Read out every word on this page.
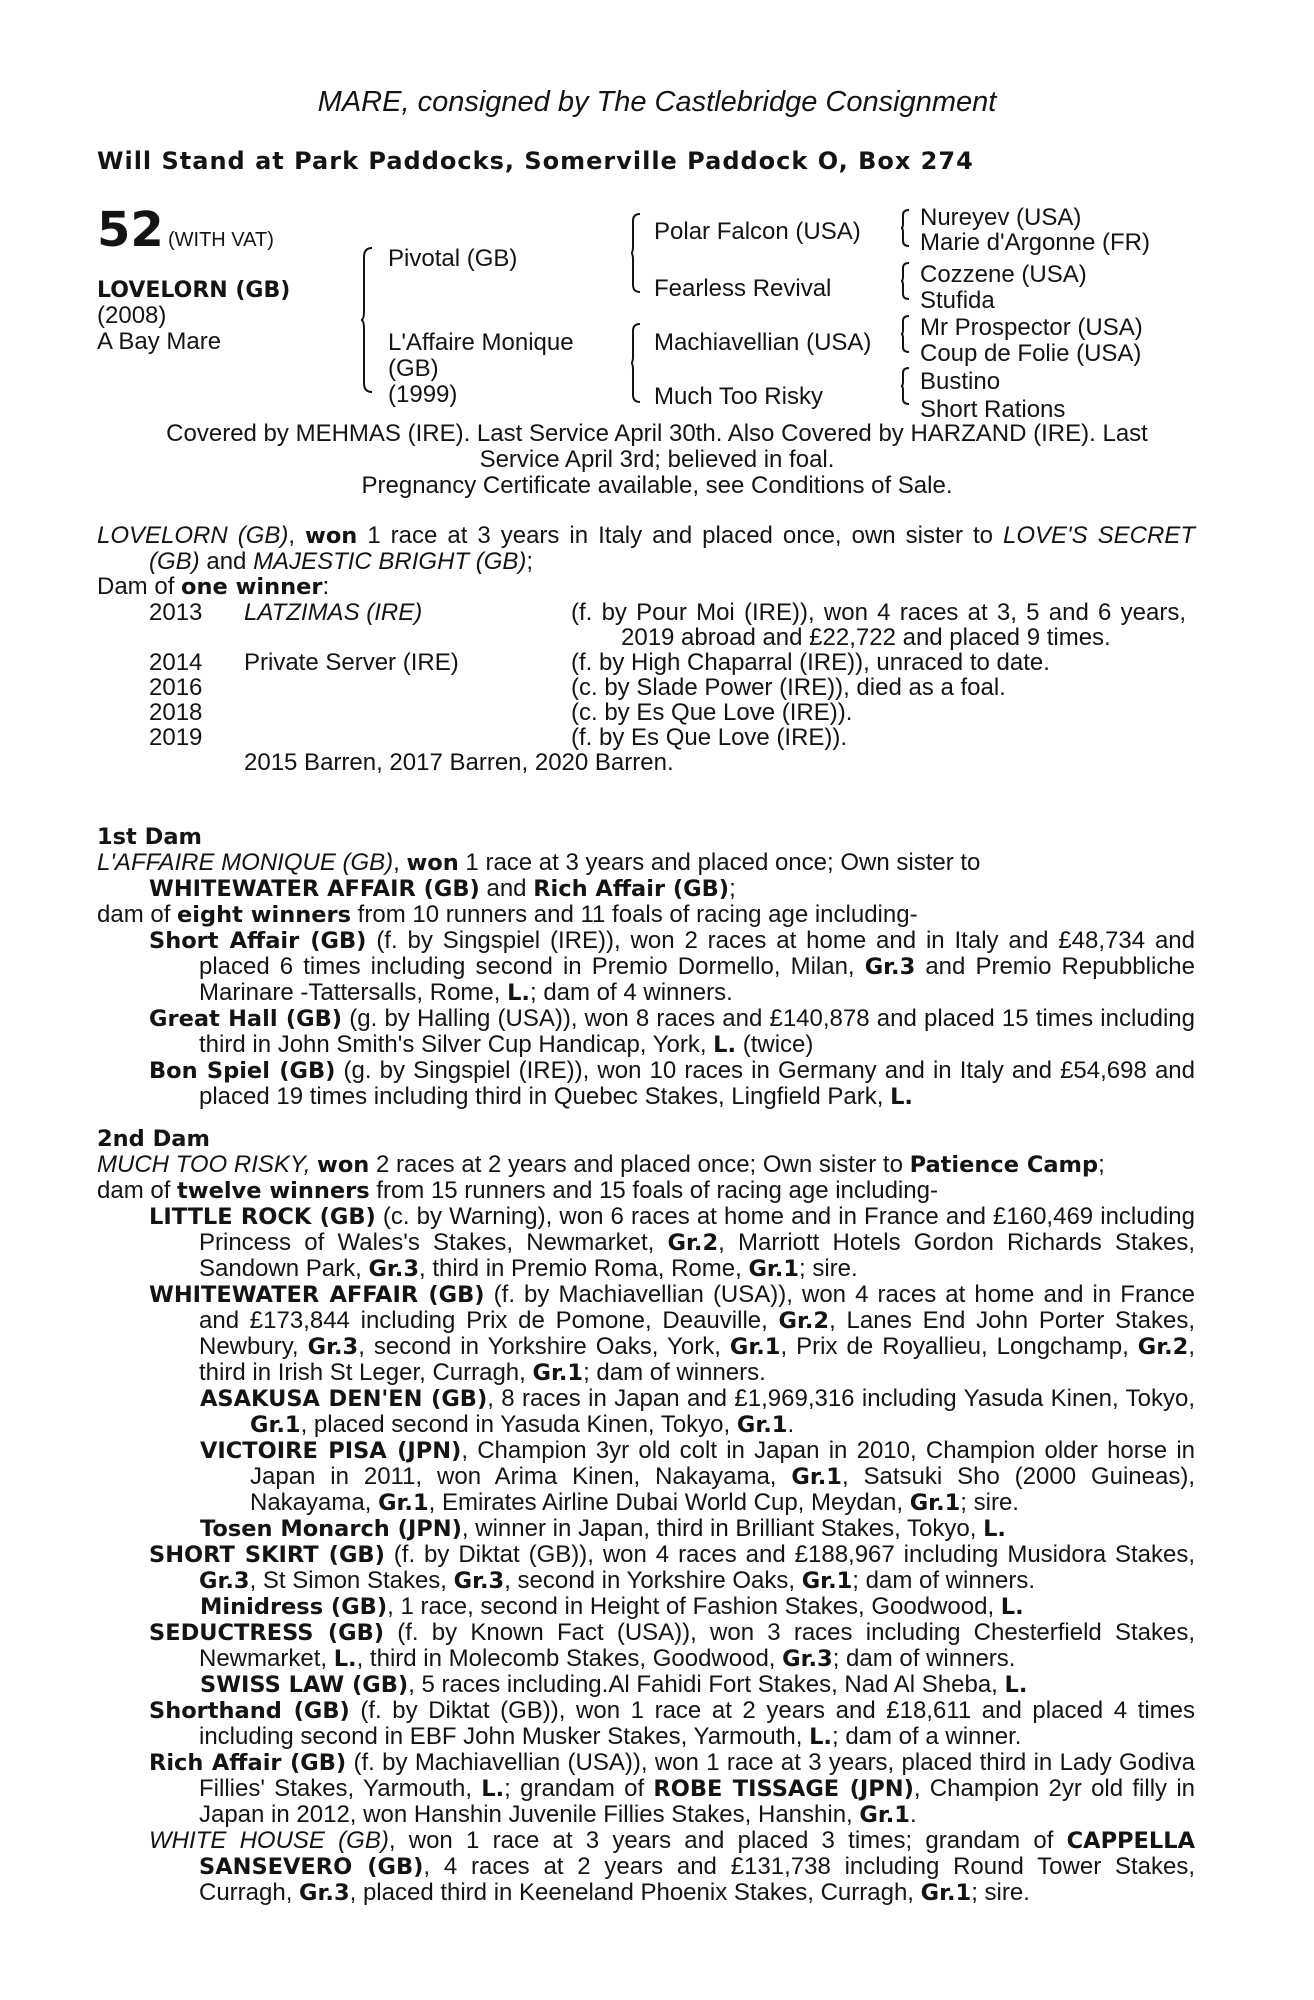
MARE, consigned by The Castlebridge Consignment
Will Stand at Park Paddocks, Somerville Paddock O, Box 274
52 (WITH VAT)
LOVELORN (GB)
(2008)
A Bay Mare
Pivotal (GB)
L'Affaire Monique
(GB)
(1999)
Polar Falcon (USA)
Fearless Revival
Machiavellian (USA)
Much Too Risky
Nureyev (USA)
Marie d'Argonne (FR)
Cozzene (USA)
Stufida
Mr Prospector (USA)
Coup de Folie (USA)
Bustino
Short Rations
Covered by MEHMAS (IRE). Last Service April 30th. Also Covered by HARZAND (IRE). Last
Service April 3rd; believed in foal.
Pregnancy Certificate available, see Conditions of Sale.
LOVELORN (GB), won 1 race at 3 years in Italy and placed once, own sister to LOVE'S SECRET (GB) and MAJESTIC BRIGHT (GB);
Dam of one winner:
2013	LATZIMAS (IRE)	(f. by Pour Moi (IRE)), won 4 races at 3, 5 and 6 years, 2019 abroad and £22,722 and placed 9 times.
2014	Private Server (IRE)	(f. by High Chaparral (IRE)), unraced to date.
2016		(c. by Slade Power (IRE)), died as a foal.
2018		(c. by Es Que Love (IRE)).
2019		(f. by Es Que Love (IRE)).
2015 Barren, 2017 Barren, 2020 Barren.
1st Dam
L'AFFAIRE MONIQUE (GB), won 1 race at 3 years and placed once; Own sister to
WHITEWATER AFFAIR (GB) and Rich Affair (GB);
dam of eight winners from 10 runners and 11 foals of racing age including-
Short Affair (GB) (f. by Singspiel (IRE)), won 2 races at home and in Italy and £48,734 and placed 6 times including second in Premio Dormello, Milan, Gr.3 and Premio Repubbliche Marinare -Tattersalls, Rome, L.; dam of 4 winners.
Great Hall (GB) (g. by Halling (USA)), won 8 races and £140,878 and placed 15 times including third in John Smith's Silver Cup Handicap, York, L. (twice)
Bon Spiel (GB) (g. by Singspiel (IRE)), won 10 races in Germany and in Italy and £54,698 and placed 19 times including third in Quebec Stakes, Lingfield Park, L.
2nd Dam
MUCH TOO RISKY, won 2 races at 2 years and placed once; Own sister to Patience Camp;
dam of twelve winners from 15 runners and 15 foals of racing age including-
LITTLE ROCK (GB) (c. by Warning), won 6 races at home and in France and £160,469 including Princess of Wales's Stakes, Newmarket, Gr.2, Marriott Hotels Gordon Richards Stakes, Sandown Park, Gr.3, third in Premio Roma, Rome, Gr.1; sire.
WHITEWATER AFFAIR (GB) (f. by Machiavellian (USA)), won 4 races at home and in France and £173,844 including Prix de Pomone, Deauville, Gr.2, Lanes End John Porter Stakes, Newbury, Gr.3, second in Yorkshire Oaks, York, Gr.1, Prix de Royallieu, Longchamp, Gr.2, third in Irish St Leger, Curragh, Gr.1; dam of winners.
ASAKUSA DEN'EN (GB), 8 races in Japan and £1,969,316 including Yasuda Kinen, Tokyo, Gr.1, placed second in Yasuda Kinen, Tokyo, Gr.1.
VICTOIRE PISA (JPN), Champion 3yr old colt in Japan in 2010, Champion older horse in Japan in 2011, won Arima Kinen, Nakayama, Gr.1, Satsuki Sho (2000 Guineas), Nakayama, Gr.1, Emirates Airline Dubai World Cup, Meydan, Gr.1; sire.
Tosen Monarch (JPN), winner in Japan, third in Brilliant Stakes, Tokyo, L.
SHORT SKIRT (GB) (f. by Diktat (GB)), won 4 races and £188,967 including Musidora Stakes, Gr.3, St Simon Stakes, Gr.3, second in Yorkshire Oaks, Gr.1; dam of winners.
Minidress (GB), 1 race, second in Height of Fashion Stakes, Goodwood, L.
SEDUCTRESS (GB) (f. by Known Fact (USA)), won 3 races including Chesterfield Stakes, Newmarket, L., third in Molecomb Stakes, Goodwood, Gr.3; dam of winners.
SWISS LAW (GB), 5 races including.Al Fahidi Fort Stakes, Nad Al Sheba, L.
Shorthand (GB) (f. by Diktat (GB)), won 1 race at 2 years and £18,611 and placed 4 times including second in EBF John Musker Stakes, Yarmouth, L.; dam of a winner.
Rich Affair (GB) (f. by Machiavellian (USA)), won 1 race at 3 years, placed third in Lady Godiva Fillies' Stakes, Yarmouth, L.; grandam of ROBE TISSAGE (JPN), Champion 2yr old filly in Japan in 2012, won Hanshin Juvenile Fillies Stakes, Hanshin, Gr.1.
WHITE HOUSE (GB), won 1 race at 3 years and placed 3 times; grandam of CAPPELLA SANSEVERO (GB), 4 races at 2 years and £131,738 including Round Tower Stakes, Curragh, Gr.3, placed third in Keeneland Phoenix Stakes, Curragh, Gr.1; sire.
